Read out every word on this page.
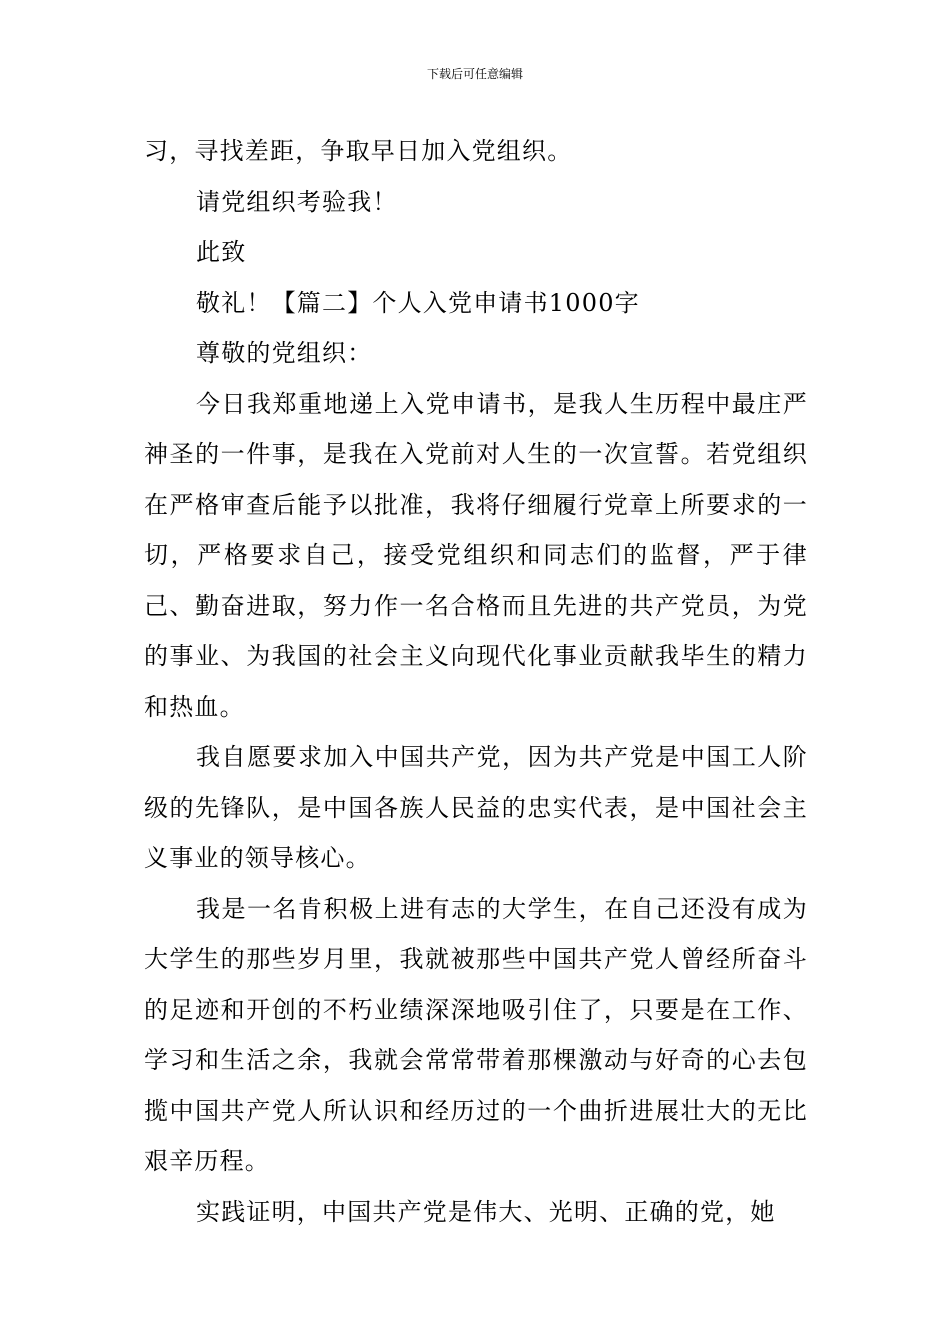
下载后可任意编辑

习，寻找差距，争取早日加入党组织。

请党组织考验我！

此致

敬礼！【篇二】个人入党申请书1000字

尊敬的党组织：

今日我郑重地递上入党申请书，是我人生历程中最庄严神圣的一件事，是我在入党前对人生的一次宣誓。若党组织在严格审查后能予以批准，我将仔细履行党章上所要求的一切，严格要求自己，接受党组织和同志们的监督，严于律己、勤奋进取，努力作一名合格而且先进的共产党员，为党的事业、为我国的社会主义向现代化事业贡献我毕生的精力和热血。

我自愿要求加入中国共产党，因为共产党是中国工人阶级的先锋队，是中国各族人民益的忠实代表，是中国社会主义事业的领导核心。

我是一名肯积极上进有志的大学生，在自己还没有成为大学生的那些岁月里，我就被那些中国共产党人曾经所奋斗的足迹和开创的不朽业绩深深地吸引住了，只要是在工作、学习和生活之余，我就会常常带着那棵激动与好奇的心去包揽中国共产党人所认识和经历过的一个曲折进展壮大的无比艰辛历程。

实践证明，中国共产党是伟大、光明、正确的党，她
